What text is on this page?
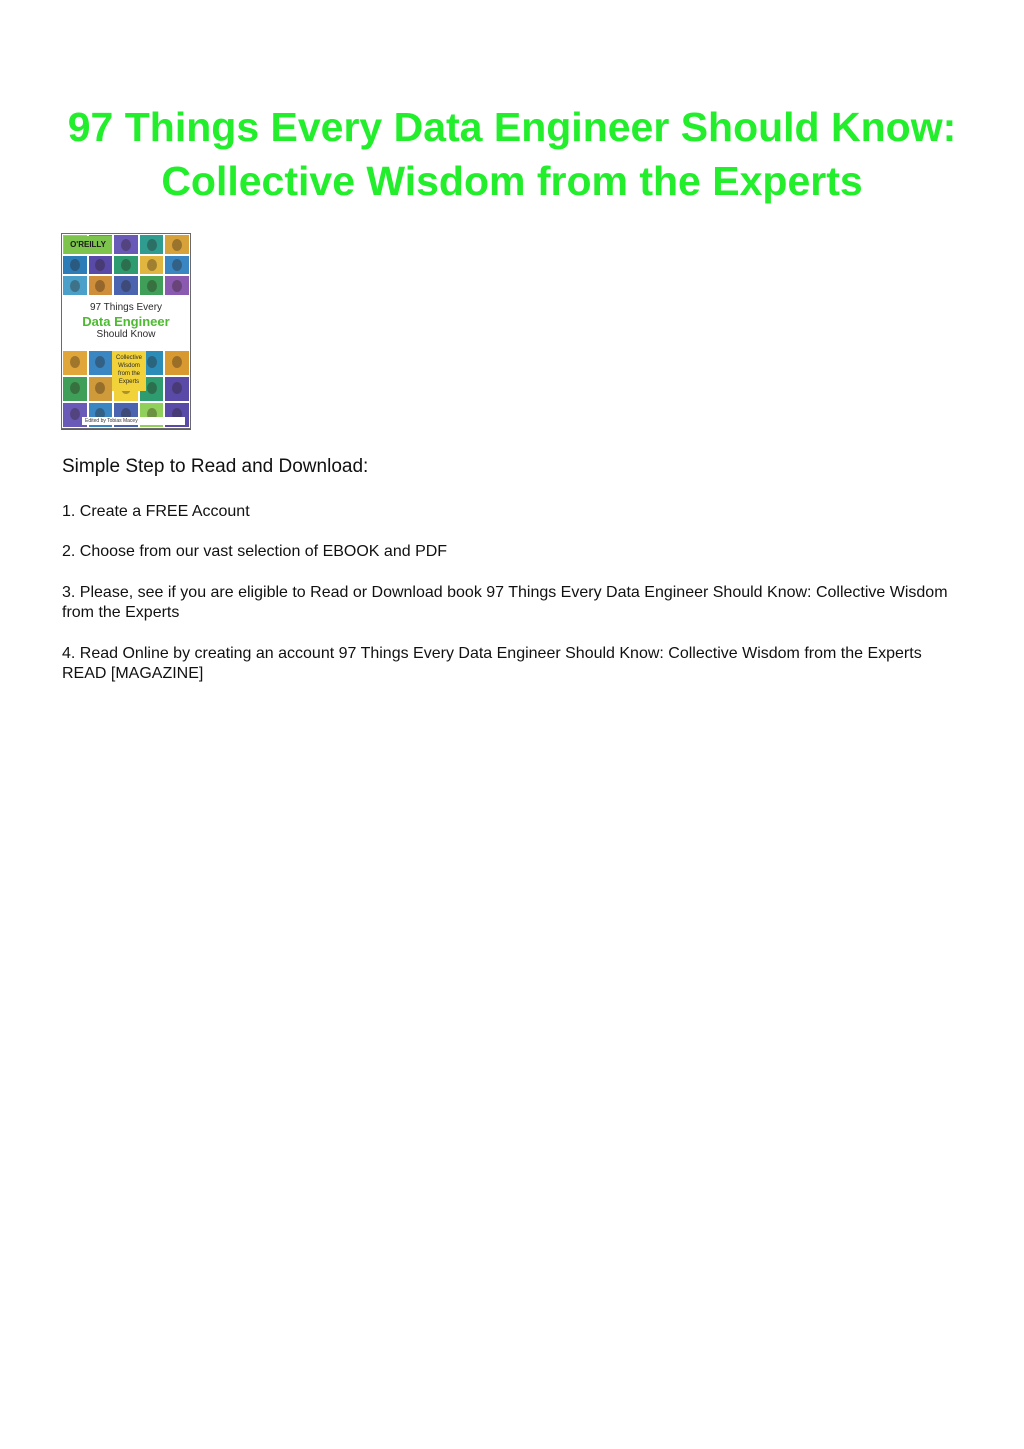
97 Things Every Data Engineer Should Know:
Collective Wisdom from the Experts
O'REILLY
97 Things Every
Data Engineer
Should Know
Collective Wisdom from the Experts
Edited by Tobias Macey
Simple Step to Read and Download:

1. Create a FREE Account

2. Choose from our vast selection of EBOOK and PDF

3. Please, see if you are eligible to Read or Download book 97 Things Every Data Engineer Should Know: Collective Wisdom from the Experts

4. Read Online by creating an account 97 Things Every Data Engineer Should Know: Collective Wisdom from the Experts READ [MAGAZINE]
